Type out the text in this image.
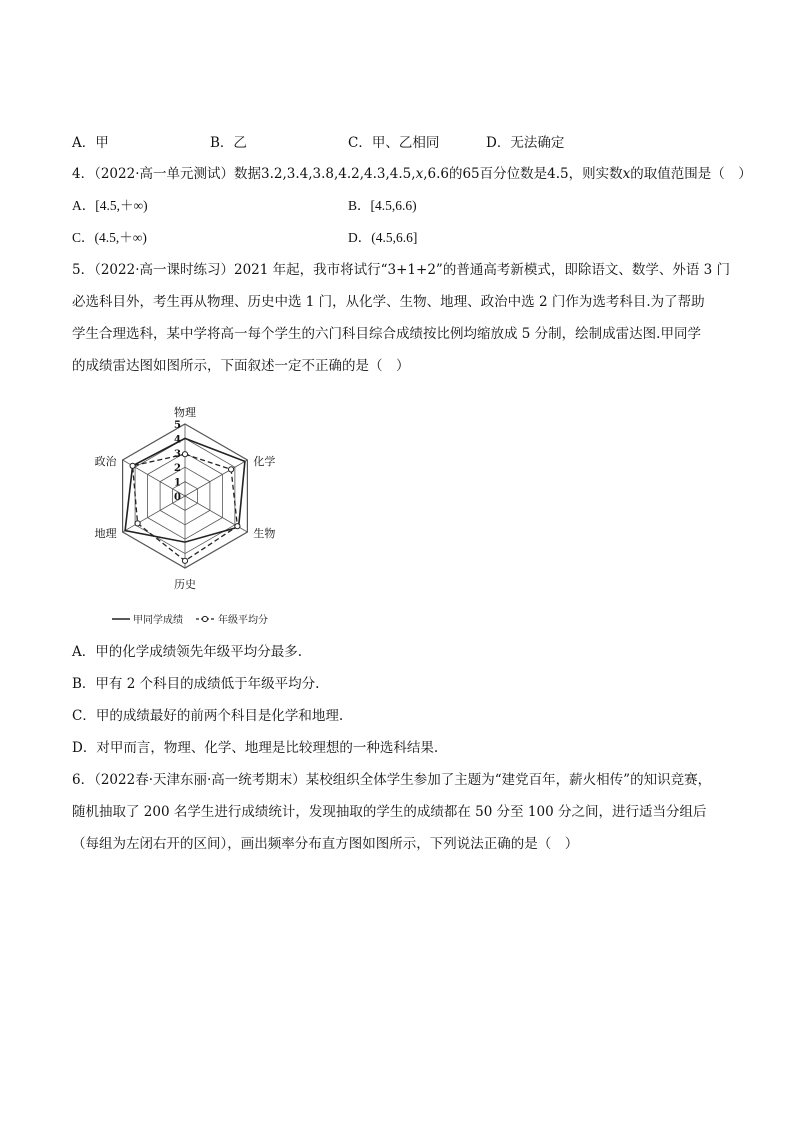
A．甲	B．乙	C．甲、乙相同	D．无法确定
4．（2022·高一单元测试）数据3.2,3.4,3.8,4.2,4.3,4.5,x,6.6的65百分位数是4.5，则实数x的取值范围是（　）
A．[4.5,＋∞)	B．[4.5,6.6)
C．(4.5,＋∞)	D．(4.5,6.6]
5．（2022·高一课时练习）2021 年起，我市将试行“3+1+2”的普通高考新模式，即除语文、数学、外语 3 门
必选科目外，考生再从物理、历史中选 1 门，从化学、生物、地理、政治中选 2 门作为选考科目.为了帮助
学生合理选科，某中学将高一每个学生的六门科目综合成绩按比例均缩放成 5 分制，绘制成雷达图.甲同学
的成绩雷达图如图所示，下面叙述一定不正确的是（　）
物理
化学
生物
历史
地理
政治
0
1
2
3
4
5
甲同学成绩	年级平均分
A．甲的化学成绩领先年级平均分最多.
B．甲有 2 个科目的成绩低于年级平均分.
C．甲的成绩最好的前两个科目是化学和地理.
D．对甲而言，物理、化学、地理是比较理想的一种选科结果.
6．（2022春·天津东丽·高一统考期末）某校组织全体学生参加了主题为“建党百年，薪火相传”的知识竞赛，
随机抽取了 200 名学生进行成绩统计，发现抽取的学生的成绩都在 50 分至 100 分之间，进行适当分组后
（每组为左闭右开的区间），画出频率分布直方图如图所示，下列说法正确的是（　）
